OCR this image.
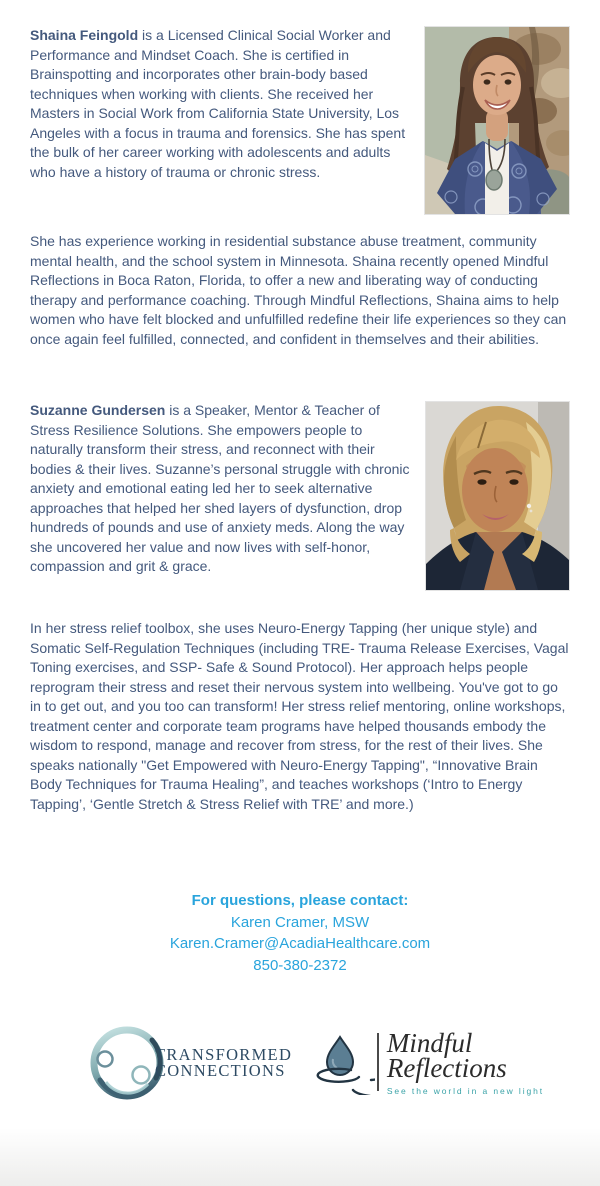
Shaina Feingold is a Licensed Clinical Social Worker and Performance and Mindset Coach. She is certified in Brainspotting and incorporates other brain-body based techniques when working with clients. She received her Masters in Social Work from California State University, Los Angeles with a focus in trauma and forensics. She has spent the bulk of her career working with adolescents and adults who have a history of trauma or chronic stress.

She has experience working in residential substance abuse treatment, community mental health, and the school system in Minnesota. Shaina recently opened Mindful Reflections in Boca Raton, Florida, to offer a new and liberating way of conducting therapy and performance coaching. Through Mindful Reflections, Shaina aims to help women who have felt blocked and unfulfilled redefine their life experiences so they can once again feel fulfilled, connected, and confident in themselves and their abilities.

Suzanne Gundersen is a Speaker, Mentor & Teacher of Stress Resilience Solutions. She empowers people to naturally transform their stress, and reconnect with their bodies & their lives. Suzanne’s personal struggle with chronic anxiety and emotional eating led her to seek alternative approaches that helped her shed layers of dysfunction, drop hundreds of pounds and use of anxiety meds. Along the way she uncovered her value and now lives with self-honor, compassion and grit & grace.

In her stress relief toolbox, she uses Neuro-Energy Tapping (her unique style) and Somatic Self-Regulation Techniques (including TRE- Trauma Release Exercises, Vagal Toning exercises, and SSP- Safe & Sound Protocol). Her approach helps people reprogram their stress and reset their nervous system into wellbeing. You've got to go in to get out, and you too can transform! Her stress relief mentoring, online workshops, treatment center and corporate team programs have helped thousands embody the wisdom to respond, manage and recover from stress, for the rest of their lives. She speaks nationally "Get Empowered with Neuro-Energy Tapping", “Innovative Brain Body Techniques for Trauma Healing”, and teaches workshops (‘Intro to Energy Tapping’, ‘Gentle Stretch & Stress Relief with TRE’ and more.)

For questions, please contact:

Karen Cramer, MSW

Karen.Cramer@AcadiaHealthcare.com

850-380-2372

TRANSFORMED
CONNECTIONS
Mindful
Reflections
See the world in a new light
